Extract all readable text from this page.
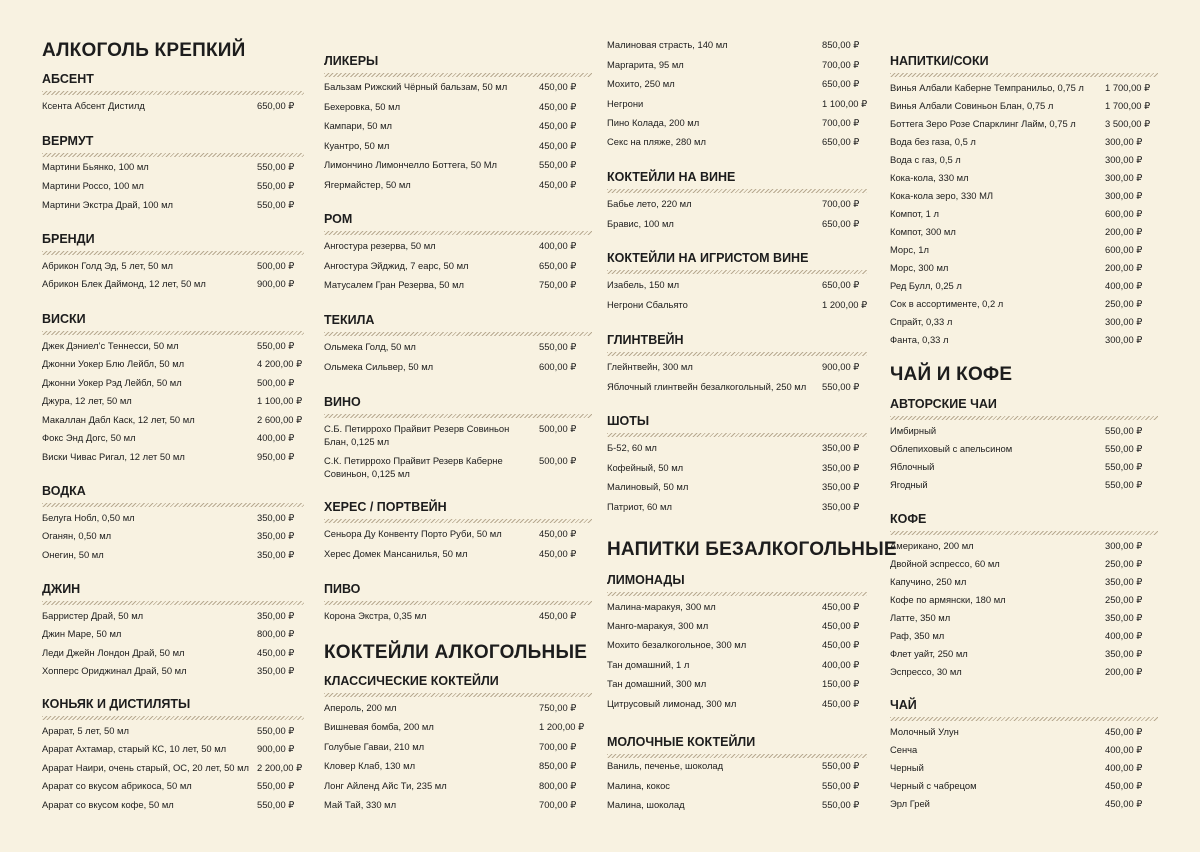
АЛКОГОЛЬ КРЕПКИЙ
АБСЕНТ
Ксента Абсент Дистилд	650,00 ₽
ВЕРМУТ
Мартини Бьянко, 100 мл	550,00 ₽
Мартини Россо, 100 мл	550,00 ₽
Мартини Экстра Драй, 100 мл	550,00 ₽
БРЕНДИ
Абрикон Голд Эд, 5 лет, 50 мл	500,00 ₽
Абрикон Блек Даймонд, 12 лет, 50 мл	900,00 ₽
ВИСКИ
Джек Дэниел’с Теннесси, 50 мл	550,00 ₽
Джонни Уокер Блю Лейбл, 50 мл	4 200,00 ₽
Джонни Уокер Рэд Лейбл, 50 мл	500,00 ₽
Джура, 12 лет, 50 мл	1 100,00 ₽
Макаллан Дабл Каск, 12 лет, 50 мл	2 600,00 ₽
Фокс Энд Догс, 50 мл	400,00 ₽
Виски Чивас Ригал, 12 лет 50 мл	950,00 ₽
ВОДКА
Белуга Нобл, 0,50 мл	350,00 ₽
Оганян, 0,50 мл	350,00 ₽
Онегин, 50 мл	350,00 ₽
ДЖИН
Барристер Драй, 50 мл	350,00 ₽
Джин Маре, 50 мл	800,00 ₽
Леди Джейн Лондон Драй, 50 мл	450,00 ₽
Хопперс Ориджинал Драй, 50 мл	350,00 ₽
КОНЬЯК И ДИСТИЛЯТЫ
Арарат, 5 лет, 50 мл	550,00 ₽
Арарат Ахтамар, старый КС, 10 лет, 50 мл	900,00 ₽
Арарат Наири, очень старый, ОС, 20 лет, 50 мл 2 200,00 ₽
Арарат со вкусом абрикоса, 50 мл	550,00 ₽
Арарат со вкусом кофе, 50 мл	550,00 ₽
ЛИКЕРЫ
Бальзам Рижский Чёрный бальзам, 50 мл	450,00 ₽
Бехеровка, 50 мл	450,00 ₽
Кампари, 50 мл	450,00 ₽
Куантро, 50 мл	450,00 ₽
Лимончино Лимончелло Боттега, 50 Мл	550,00 ₽
Ягермайстер, 50 мл	450,00 ₽
РОМ
Ангостура резерва, 50 мл	400,00 ₽
Ангостура Эйджид, 7 еарс, 50 мл	650,00 ₽
Матусалем Гран Резерва, 50 мл	750,00 ₽
ТЕКИЛА
Ольмека Голд, 50 мл	550,00 ₽
Ольмека Сильвер, 50 мл	600,00 ₽
ВИНО
С.Б. Петирроxo Прайвит Резерв Совиньон Блан, 0,125 мл
500,00 ₽
С.К. Петирроxo Прайвит Резерв Каберне Совиньон, 0,125 мл
500,00 ₽
ХЕРЕС / ПОРТВЕЙН
Сеньора Ду Конвенту Порто Руби, 50 мл	450,00 ₽
Херес Домек Мансанилья, 50 мл	450,00 ₽
ПИВО
Корона Экстра, 0,35 мл	450,00 ₽
КОКТЕЙЛИ АЛКОГОЛЬНЫЕ
КЛАССИЧЕСКИЕ КОКТЕЙЛИ
Апероль, 200 мл	750,00 ₽
Вишневая бомба, 200 мл	1 200,00 ₽
Голубые Гаваи, 210 мл	700,00 ₽
Кловер Клаб, 130 мл	850,00 ₽
Лонг Айленд Айс Ти, 235 мл	800,00 ₽
Май Тай, 330 мл	700,00 ₽
Малиновая страсть, 140 мл	850,00 ₽
Маргарита, 95 мл	700,00 ₽
Мохито, 250 мл	650,00 ₽
Негрони	1 100,00 ₽
Пино Колада, 200 мл	700,00 ₽
Секс на пляже, 280 мл	650,00 ₽
КОКТЕЙЛИ НА ВИНЕ
Бабье лето, 220 мл	700,00 ₽
Бравис, 100 мл	650,00 ₽
КОКТЕЙЛИ НА ИГРИСТОМ ВИНЕ
Изабель, 150 мл	650,00 ₽
Негрони Сбальято	1 200,00 ₽
ГЛИНТВЕЙН
Глейнтвейн, 300 мл	900,00 ₽
Яблочный глинтвейн безалкогольный, 250 мл 550,00 ₽
ШОТЫ
Б-52, 60 мл	350,00 ₽
Кофейный, 50 мл	350,00 ₽
Малиновый, 50 мл	350,00 ₽
Патриот, 60 мл	350,00 ₽
НАПИТКИ БЕЗАЛКОГОЛЬНЫЕ
ЛИМОНАДЫ
Малина-маракуя, 300 мл	450,00 ₽
Манго-маракуя, 300 мл	450,00 ₽
Мохито безалкогольное, 300 мл	450,00 ₽
Тан домашний, 1 л	400,00 ₽
Тан домашний, 300 мл	150,00 ₽
Цитрусовый лимонад, 300 мл	450,00 ₽
МОЛОЧНЫЕ КОКТЕЙЛИ
Ваниль, печенье, шоколад	550,00 ₽
Малина, кокос	550,00 ₽
Малина, шоколад	550,00 ₽
НАПИТКИ/СОКИ
Винья Албали Каберне Темпранильо, 0,75 л 1 700,00 ₽
Винья Албали Совиньон Блан, 0,75 л	1 700,00 ₽
Боттега Зеро Розе Спарклинг Лайм, 0,75 л	3 500,00 ₽
Вода без газа, 0,5 л	300,00 ₽
Вода с газ, 0,5 л	300,00 ₽
Кока-кола, 330 мл	300,00 ₽
Кока-кола зеро, 330 МЛ	300,00 ₽
Компот, 1 л	600,00 ₽
Компот, 300 мл	200,00 ₽
Морс, 1л	600,00 ₽
Морс, 300 мл	200,00 ₽
Ред Булл, 0,25 л	400,00 ₽
Сок в ассортименте, 0,2 л	250,00 ₽
Спрайт, 0,33 л	300,00 ₽
Фанта, 0,33 л	300,00 ₽
ЧАЙ И КОФЕ
АВТОРСКИЕ ЧАИ
Имбирный	550,00 ₽
Облепиховый с апельсином	550,00 ₽
Яблочный	550,00 ₽
Ягодный	550,00 ₽
КОФЕ
Американо, 200 мл	300,00 ₽
Двойной эспрессо, 60 мл	250,00 ₽
Капучино, 250 мл	350,00 ₽
Кофе по армянски, 180 мл	250,00 ₽
Латте, 350 мл	350,00 ₽
Раф, 350 мл	400,00 ₽
Флет уайт, 250 мл	350,00 ₽
Эспрессо, 30 мл	200,00 ₽
ЧАЙ
Молочный Улун	450,00 ₽
Сенча	400,00 ₽
Черный	400,00 ₽
Черный с чабрецом	450,00 ₽
Эрл Грей	450,00 ₽
